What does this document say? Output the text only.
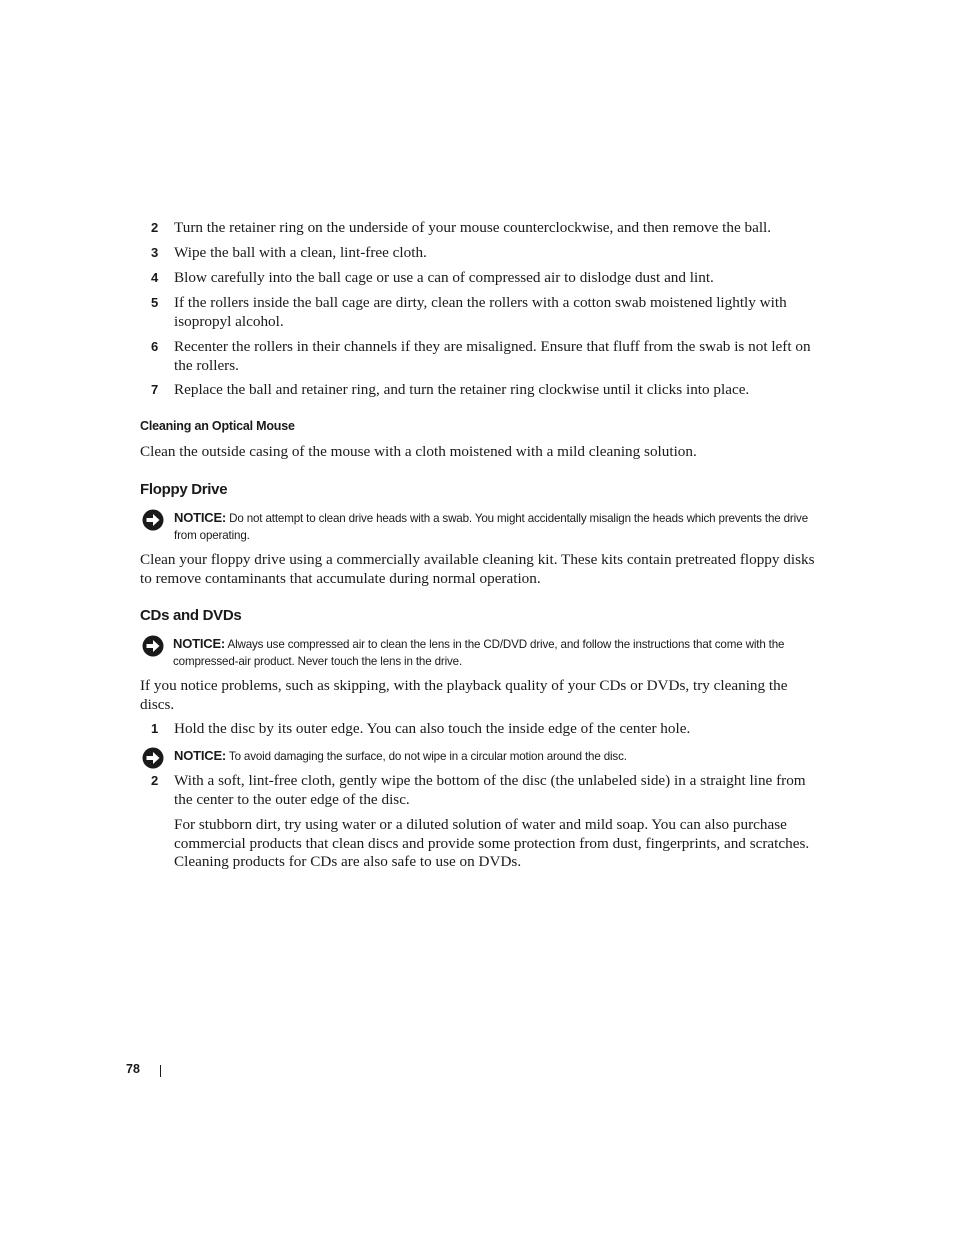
2 Turn the retainer ring on the underside of your mouse counterclockwise, and then remove the ball.
3 Wipe the ball with a clean, lint-free cloth.
4 Blow carefully into the ball cage or use a can of compressed air to dislodge dust and lint.
5 If the rollers inside the ball cage are dirty, clean the rollers with a cotton swab moistened lightly with isopropyl alcohol.
6 Recenter the rollers in their channels if they are misaligned. Ensure that fluff from the swab is not left on the rollers.
7 Replace the ball and retainer ring, and turn the retainer ring clockwise until it clicks into place.
Cleaning an Optical Mouse
Clean the outside casing of the mouse with a cloth moistened with a mild cleaning solution.
Floppy Drive
NOTICE: Do not attempt to clean drive heads with a swab. You might accidentally misalign the heads which prevents the drive from operating.
Clean your floppy drive using a commercially available cleaning kit. These kits contain pretreated floppy disks to remove contaminants that accumulate during normal operation.
CDs and DVDs
NOTICE: Always use compressed air to clean the lens in the CD/DVD drive, and follow the instructions that come with the compressed-air product. Never touch the lens in the drive.
If you notice problems, such as skipping, with the playback quality of your CDs or DVDs, try cleaning the discs.
1 Hold the disc by its outer edge. You can also touch the inside edge of the center hole.
NOTICE: To avoid damaging the surface, do not wipe in a circular motion around the disc.
2 With a soft, lint-free cloth, gently wipe the bottom of the disc (the unlabeled side) in a straight line from the center to the outer edge of the disc.
For stubborn dirt, try using water or a diluted solution of water and mild soap. You can also purchase commercial products that clean discs and provide some protection from dust, fingerprints, and scratches. Cleaning products for CDs are also safe to use on DVDs.
78
